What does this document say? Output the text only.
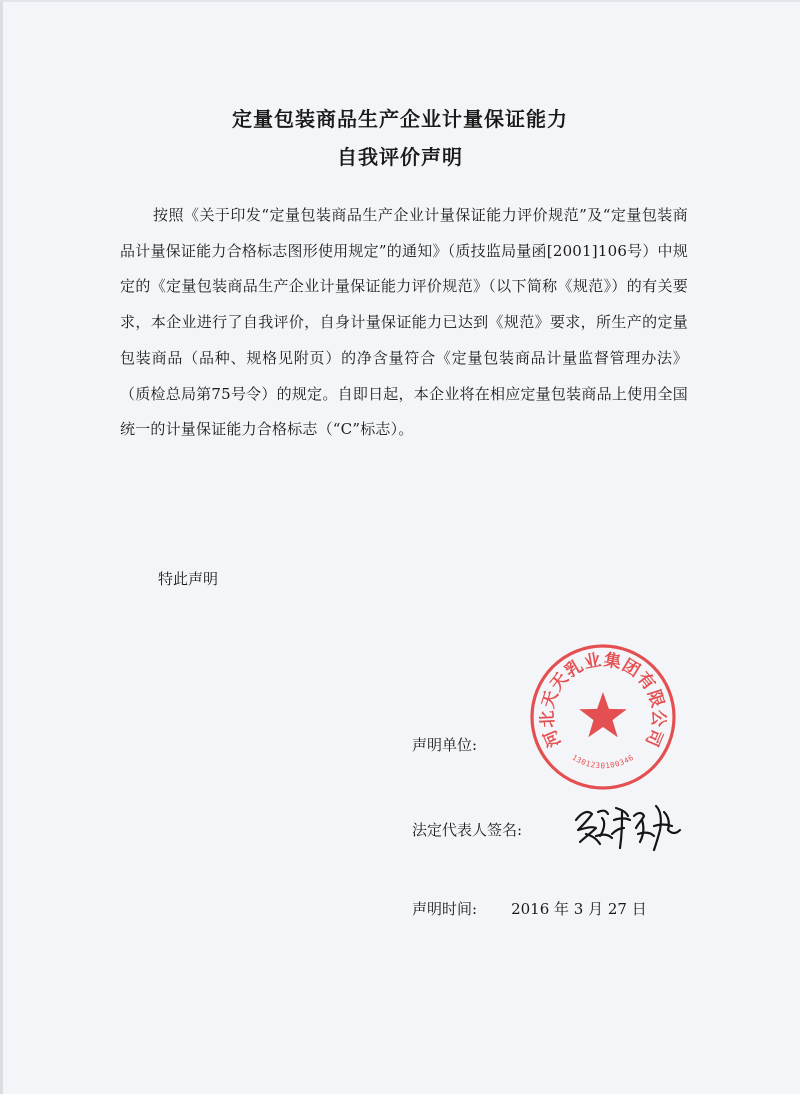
定量包装商品生产企业计量保证能力
自我评价声明

按照《关于印发“定量包装商品生产企业计量保证能力评价规范”及“定量包装商品计量保证能力合格标志图形使用规定”的通知》（质技监局量函[2001]106号）中规定的《定量包装商品生产企业计量保证能力评价规范》（以下简称《规范》）的有关要求，本企业进行了自我评价，自身计量保证能力已达到《规范》要求，所生产的定量包装商品（品种、规格见附页）的净含量符合《定量包装商品计量监督管理办法》（质检总局第75号令）的规定。自即日起，本企业将在相应定量包装商品上使用全国统一的计量保证能力合格标志（“C”标志）。

特此声明

声明单位:

法定代表人签名:

声明时间: 2016 年 3 月 27 日

河北天天乳业集团有限公司
1301230100346
